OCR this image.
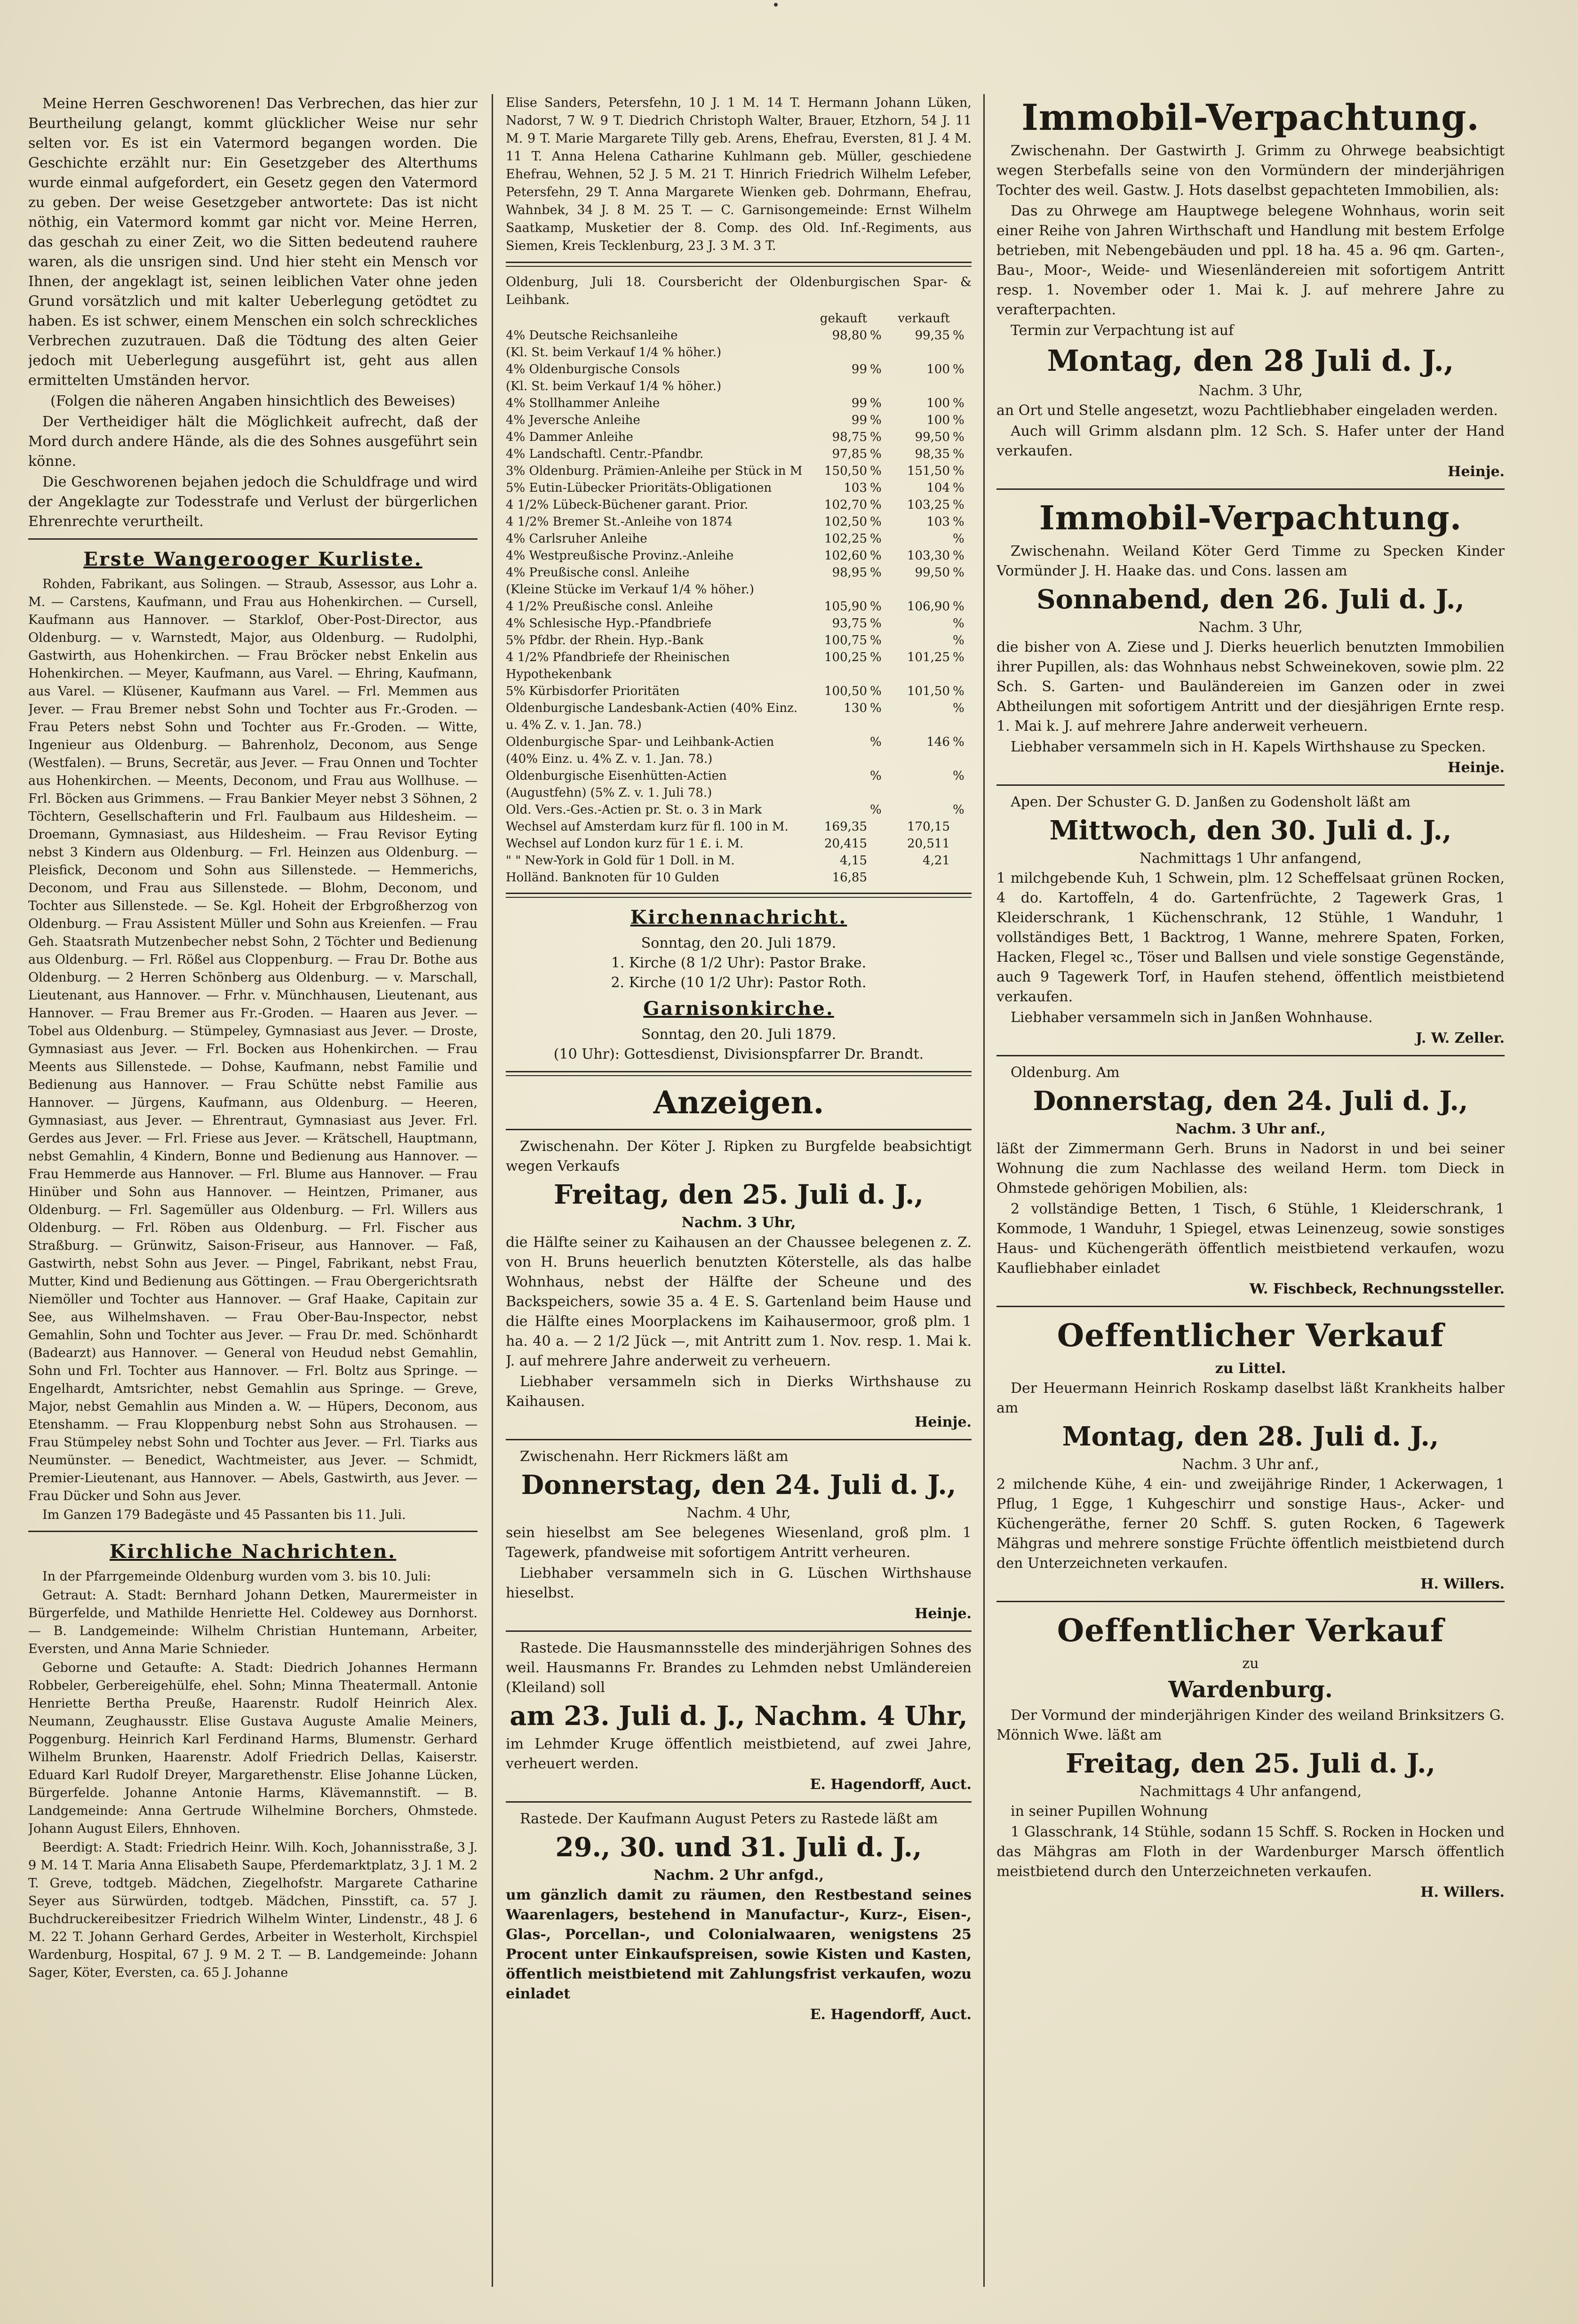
Meine Herren Geschworenen! Das Verbrechen, das hier zur Beurtheilung gelangt, kommt glücklicher Weise nur sehr selten vor. Es ist ein Vatermord begangen worden. Die Geschichte erzählt nur: Ein Gesetzgeber des Alterthums wurde einmal aufgefordert, ein Gesetz gegen den Vatermord zu geben. Der weise Gesetzgeber antwortete: Das ist nicht nöthig, ein Vatermord kommt gar nicht vor. Meine Herren, das geschah zu einer Zeit, wo die Sitten bedeutend rauhere waren, als die unsrigen sind. Und hier steht ein Mensch vor Ihnen, der angeklagt ist, seinen leiblichen Vater ohne jeden Grund vorsätzlich und mit kalter Ueberlegung getödtet zu haben. Es ist schwer, einem Menschen ein solch schreckliches Verbrechen zuzutrauen. Daß die Tödtung des alten Geier jedoch mit Ueberlegung ausgeführt ist, geht aus allen ermittelten Umständen hervor.

(Folgen die näheren Angaben hinsichtlich des Beweises)

Der Vertheidiger hält die Möglichkeit aufrecht, daß der Mord durch andere Hände, als die des Sohnes ausgeführt sein könne.

Die Geschworenen bejahen jedoch die Schuldfrage und wird der Angeklagte zur Todesstrafe und Verlust der bürgerlichen Ehrenrechte verurtheilt.

Erste Wangerooger Kurliste.

Rohden, Fabrikant, aus Solingen. — Straub, Assessor, aus Lohr a. M. — Carstens, Kaufmann, und Frau aus Hohenkirchen. — Cursell, Kaufmann aus Hannover. — Starklof, Ober-Post-Director, aus Oldenburg. — v. Warnstedt, Major, aus Oldenburg. — Rudolphi, Gastwirth, aus Hohenkirchen. — Frau Bröcker nebst Enkelin aus Hohenkirchen. — Meyer, Kaufmann, aus Varel. — Ehring, Kaufmann, aus Varel. — Klüsener, Kaufmann aus Varel. — Frl. Memmen aus Jever. — Frau Bremer nebst Sohn und Tochter aus Fr.-Groden. — Frau Peters nebst Sohn und Tochter aus Fr.-Groden. — Witte, Ingenieur aus Oldenburg. — Bahrenholz, Deconom, aus Senge (Westfalen). — Bruns, Secretär, aus Jever. — Frau Onnen und Tochter aus Hohenkirchen. — Meents, Deconom, und Frau aus Wollhuse. — Frl. Böcken aus Grimmens. — Frau Bankier Meyer nebst 3 Söhnen, 2 Töchtern, Gesellschafterin und Frl. Faulbaum aus Hildesheim. — Droemann, Gymnasiast, aus Hildesheim. — Frau Revisor Eyting nebst 3 Kindern aus Oldenburg. — Frl. Heinzen aus Oldenburg. — Pleisfick, Deconom und Sohn aus Sillenstede. — Hemmerichs, Deconom, und Frau aus Sillenstede. — Blohm, Deconom, und Tochter aus Sillenstede. — Se. Kgl. Hoheit der Erbgroßherzog von Oldenburg. — Frau Assistent Müller und Sohn aus Kreienfen. — Frau Geh. Staatsrath Mutzenbecher nebst Sohn, 2 Töchter und Bedienung aus Oldenburg. — Frl. Rößel aus Cloppenburg. — Frau Dr. Bothe aus Oldenburg. — 2 Herren Schönberg aus Oldenburg. — v. Marschall, Lieutenant, aus Hannover. — Frhr. v. Münchhausen, Lieutenant, aus Hannover. — Frau Bremer aus Fr.-Groden. — Haaren aus Jever. — Tobel aus Oldenburg. — Stümpeley, Gymnasiast aus Jever. — Droste, Gymnasiast aus Jever. — Frl. Bocken aus Hohenkirchen. — Frau Meents aus Sillenstede. — Dohse, Kaufmann, nebst Familie und Bedienung aus Hannover. — Frau Schütte nebst Familie aus Hannover. — Jürgens, Kaufmann, aus Oldenburg. — Heeren, Gymnasiast, aus Jever. — Ehrentraut, Gymnasiast aus Jever. Frl. Gerdes aus Jever. — Frl. Friese aus Jever. — Krätschell, Hauptmann, nebst Gemahlin, 4 Kindern, Bonne und Bedienung aus Hannover. — Frau Hemmerde aus Hannover. — Frl. Blume aus Hannover. — Frau Hinüber und Sohn aus Hannover. — Heintzen, Primaner, aus Oldenburg. — Frl. Sagemüller aus Oldenburg. — Frl. Willers aus Oldenburg. — Frl. Röben aus Oldenburg. — Frl. Fischer aus Straßburg. — Grünwitz, Saison-Friseur, aus Hannover. — Faß, Gastwirth, nebst Sohn aus Jever. — Pingel, Fabrikant, nebst Frau, Mutter, Kind und Bedienung aus Göttingen. — Frau Obergerichtsrath Niemöller und Tochter aus Hannover. — Graf Haake, Capitain zur See, aus Wilhelmshaven. — Frau Ober-Bau-Inspector, nebst Gemahlin, Sohn und Tochter aus Jever. — Frau Dr. med. Schönhardt (Badearzt) aus Hannover. — General von Heudud nebst Gemahlin, Sohn und Frl. Tochter aus Hannover. — Frl. Boltz aus Springe. — Engelhardt, Amtsrichter, nebst Gemahlin aus Springe. — Greve, Major, nebst Gemahlin aus Minden a. W. — Hüpers, Deconom, aus Etenshamm. — Frau Kloppenburg nebst Sohn aus Strohausen. — Frau Stümpeley nebst Sohn und Tochter aus Jever. — Frl. Tiarks aus Neumünster. — Benedict, Wachtmeister, aus Jever. — Schmidt, Premier-Lieutenant, aus Hannover. — Abels, Gastwirth, aus Jever. — Frau Dücker und Sohn aus Jever.

Im Ganzen 179 Badegäste und 45 Passanten bis 11. Juli.

Kirchliche Nachrichten.

In der Pfarrgemeinde Oldenburg wurden vom 3. bis 10. Juli:

Getraut: A. Stadt: Bernhard Johann Detken, Maurermeister in Bürgerfelde, und Mathilde Henriette Hel. Coldewey aus Dornhorst. — B. Landgemeinde: Wilhelm Christian Huntemann, Arbeiter, Eversten, und Anna Marie Schnieder.

Geborne und Getaufte: A. Stadt: Diedrich Johannes Hermann Robbeler, Gerbereigehülfe, ehel. Sohn; Minna Theatermall. Antonie Henriette Bertha Preuße, Haarenstr. Rudolf Heinrich Alex. Neumann, Zeughausstr. Elise Gustava Auguste Amalie Meiners, Poggenburg. Heinrich Karl Ferdinand Harms, Blumenstr. Gerhard Wilhelm Brunken, Haarenstr. Adolf Friedrich Dellas, Kaiserstr. Eduard Karl Rudolf Dreyer, Margarethenstr. Elise Johanne Lücken, Bürgerfelde. Johanne Antonie Harms, Klävemannstift. — B. Landgemeinde: Anna Gertrude Wilhelmine Borchers, Ohmstede. Johann August Eilers, Ehnhoven.

Beerdigt: A. Stadt: Friedrich Heinr. Wilh. Koch, Johannisstraße, 3 J. 9 M. 14 T. Maria Anna Elisabeth Saupe, Pferdemarktplatz, 3 J. 1 M. 2 T. Greve, todtgeb. Mädchen, Ziegelhofstr. Margarete Catharine Seyer aus Sürwürden, todtgeb. Mädchen, Pinsstift, ca. 57 J. Buchdruckereibesitzer Friedrich Wilhelm Winter, Lindenstr., 48 J. 6 M. 22 T. Johann Gerhard Gerdes, Arbeiter in Westerholt, Kirchspiel Wardenburg, Hospital, 67 J. 9 M. 2 T. — B. Landgemeinde: Johann Sager, Köter, Eversten, ca. 65 J. Johanne

Elise Sanders, Petersfehn, 10 J. 1 M. 14 T. Hermann Johann Lüken, Nadorst, 7 W. 9 T. Diedrich Christoph Walter, Brauer, Etzhorn, 54 J. 11 M. 9 T. Marie Margarete Tilly geb. Arens, Ehefrau, Eversten, 81 J. 4 M. 11 T. Anna Helena Catharine Kuhlmann geb. Müller, geschiedene Ehefrau, Wehnen, 52 J. 5 M. 21 T. Hinrich Friedrich Wilhelm Lefeber, Petersfehn, 29 T. Anna Margarete Wienken geb. Dohrmann, Ehefrau, Wahnbek, 34 J. 8 M. 25 T. — C. Garnisongemeinde: Ernst Wilhelm Saatkamp, Musketier der 8. Comp. des Old. Inf.-Regiments, aus Siemen, Kreis Tecklenburg, 23 J. 3 M. 3 T.

Oldenburg, Juli 18. Coursbericht der Oldenburgischen Spar- & Leihbank.

	gekauft		verkauft	
4% Deutsche Reichsanleihe	98,80	%	99,35	%
(Kl. St. beim Verkauf 1/4 % höher.)				
4% Oldenburgische Consols	99	%	100	%
(Kl. St. beim Verkauf 1/4 % höher.)				
4% Stollhammer Anleihe	99	%	100	%
4% Jeversche Anleihe	99	%	100	%
4% Dammer Anleihe	98,75	%	99,50	%
4% Landschaftl. Centr.-Pfandbr.	97,85	%	98,35	%
3% Oldenburg. Prämien-Anleihe per Stück in M	150,50	%	151,50	%
5% Eutin-Lübecker Prioritäts-Obligationen	103	%	104	%
4 1/2% Lübeck-Büchener garant. Prior.	102,70	%	103,25	%
4 1/2% Bremer St.-Anleihe von 1874	102,50	%	103	%
4% Carlsruher Anleihe	102,25	%		%
4% Westpreußische Provinz.-Anleihe	102,60	%	103,30	%
4% Preußische consl. Anleihe	98,95	%	99,50	%
(Kleine Stücke im Verkauf 1/4 % höher.)				
4 1/2% Preußische consl. Anleihe	105,90	%	106,90	%
4% Schlesische Hyp.-Pfandbriefe	93,75	%		%
5% Pfdbr. der Rhein. Hyp.-Bank	100,75	%		%
4 1/2% Pfandbriefe der Rheinischen Hypothekenbank	100,25	%	101,25	%
5% Kürbisdorfer Prioritäten	100,50	%	101,50	%
Oldenburgische Landesbank-Actien (40% Einz. u. 4% Z. v. 1. Jan. 78.)	130	%		%
Oldenburgische Spar- und Leihbank-Actien (40% Einz. u. 4% Z. v. 1. Jan. 78.)		%	146	%
Oldenburgische Eisenhütten-Actien (Augustfehn) (5% Z. v. 1. Juli 78.)		%		%
Old. Vers.-Ges.-Actien pr. St. o. 3 in Mark		%		%
Wechsel auf Amsterdam kurz für fl. 100 in M.	169,35		170,15	
Wechsel auf London kurz für 1 £. i. M.	20,415		20,511	
" " New-York in Gold für 1 Doll. in M.	4,15		4,21	
Holländ. Banknoten für 10 Gulden	16,85			
Kirchennachricht.
Sonntag, den 20. Juli 1879.
1. Kirche (8 1/2 Uhr): Pastor Brake.
2. Kirche (10 1/2 Uhr): Pastor Roth.
Garnisonkirche.
Sonntag, den 20. Juli 1879.
(10 Uhr): Gottesdienst, Divisionspfarrer Dr. Brandt.
Anzeigen.

Zwischenahn. Der Köter J. Ripken zu Burgfelde beabsichtigt wegen Verkaufs

Freitag, den 25. Juli d. J.,
Nachm. 3 Uhr,

die Hälfte seiner zu Kaihausen an der Chaussee belegenen z. Z. von H. Bruns heuerlich benutzten Köterstelle, als das halbe Wohnhaus, nebst der Hälfte der Scheune und des Backspeichers, sowie 35 a. 4 E. S. Gartenland beim Hause und die Hälfte eines Moorplackens im Kaihausermoor, groß plm. 1 ha. 40 a. — 2 1/2 Jück —, mit Antritt zum 1. Nov. resp. 1. Mai k. J. auf mehrere Jahre anderweit zu verheuern.

Liebhaber versammeln sich in Dierks Wirthshause zu Kaihausen.

Heinje.

Zwischenahn. Herr Rickmers läßt am

Donnerstag, den 24. Juli d. J.,
Nachm. 4 Uhr,

sein hieselbst am See belegenes Wiesenland, groß plm. 1 Tagewerk, pfandweise mit sofortigem Antritt verheuren.

Liebhaber versammeln sich in G. Lüschen Wirthshause hieselbst.

Heinje.

Rastede. Die Hausmannsstelle des minderjährigen Sohnes des weil. Hausmanns Fr. Brandes zu Lehmden nebst Umländereien (Kleiland) soll

am 23. Juli d. J., Nachm. 4 Uhr,

im Lehmder Kruge öffentlich meistbietend, auf zwei Jahre, verheuert werden.

E. Hagendorff, Auct.

Rastede. Der Kaufmann August Peters zu Rastede läßt am

29., 30. und 31. Juli d. J.,
Nachm. 2 Uhr anfgd.,

um gänzlich damit zu räumen, den Restbestand seines Waarenlagers, bestehend in Manufactur-, Kurz-, Eisen-, Glas-, Porcellan-, und Colonialwaaren, wenigstens 25 Procent unter Einkaufspreisen, sowie Kisten und Kasten, öffentlich meistbietend mit Zahlungsfrist verkaufen, wozu einladet

E. Hagendorff, Auct.
Immobil-Verpachtung.

Zwischenahn. Der Gastwirth J. Grimm zu Ohrwege beabsichtigt wegen Sterbefalls seine von den Vormündern der minderjährigen Tochter des weil. Gastw. J. Hots daselbst gepachteten Immobilien, als:

Das zu Ohrwege am Hauptwege belegene Wohnhaus, worin seit einer Reihe von Jahren Wirthschaft und Handlung mit bestem Erfolge betrieben, mit Nebengebäuden und ppl. 18 ha. 45 a. 96 qm. Garten-, Bau-, Moor-, Weide- und Wiesenländereien mit sofortigem Antritt resp. 1. November oder 1. Mai k. J. auf mehrere Jahre zu verafterpachten.

Termin zur Verpachtung ist auf

Montag, den 28 Juli d. J.,
Nachm. 3 Uhr,

an Ort und Stelle angesetzt, wozu Pachtliebhaber eingeladen werden.

Auch will Grimm alsdann plm. 12 Sch. S. Hafer unter der Hand verkaufen.

Heinje.
Immobil-Verpachtung.

Zwischenahn. Weiland Köter Gerd Timme zu Specken Kinder Vormünder J. H. Haake das. und Cons. lassen am

Sonnabend, den 26. Juli d. J.,
Nachm. 3 Uhr,

die bisher von A. Ziese und J. Dierks heuerlich benutzten Immobilien ihrer Pupillen, als: das Wohnhaus nebst Schweinekoven, sowie plm. 22 Sch. S. Garten- und Bauländereien im Ganzen oder in zwei Abtheilungen mit sofortigem Antritt und der diesjährigen Ernte resp. 1. Mai k. J. auf mehrere Jahre anderweit verheuern.

Liebhaber versammeln sich in H. Kapels Wirthshause zu Specken.

Heinje.

Apen. Der Schuster G. D. Janßen zu Godensholt läßt am

Mittwoch, den 30. Juli d. J.,
Nachmittags 1 Uhr anfangend,

1 milchgebende Kuh, 1 Schwein, plm. 12 Scheffelsaat grünen Rocken, 4 do. Kartoffeln, 4 do. Gartenfrüchte, 2 Tagewerk Gras, 1 Kleiderschrank, 1 Küchenschrank, 12 Stühle, 1 Wanduhr, 1 vollständiges Bett, 1 Backtrog, 1 Wanne, mehrere Spaten, Forken, Hacken, Flegel ꝛc., Töser und Ballsen und viele sonstige Gegenstände, auch 9 Tagewerk Torf, in Haufen stehend, öffentlich meistbietend verkaufen.

Liebhaber versammeln sich in Janßen Wohnhause.

J. W. Zeller.

Oldenburg. Am

Donnerstag, den 24. Juli d. J.,
Nachm. 3 Uhr anf.,

läßt der Zimmermann Gerh. Bruns in Nadorst in und bei seiner Wohnung die zum Nachlasse des weiland Herm. tom Dieck in Ohmstede gehörigen Mobilien, als:

2 vollständige Betten, 1 Tisch, 6 Stühle, 1 Kleiderschrank, 1 Kommode, 1 Wanduhr, 1 Spiegel, etwas Leinenzeug, sowie sonstiges Haus- und Küchengeräth öffentlich meistbietend verkaufen, wozu Kaufliebhaber einladet

W. Fischbeck, Rechnungssteller.
Oeffentlicher Verkauf
zu Littel.

Der Heuermann Heinrich Roskamp daselbst läßt Krankheits halber am

Montag, den 28. Juli d. J.,
Nachm. 3 Uhr anf.,

2 milchende Kühe, 4 ein- und zweijährige Rinder, 1 Ackerwagen, 1 Pflug, 1 Egge, 1 Kuhgeschirr und sonstige Haus-, Acker- und Küchengeräthe, ferner 20 Schff. S. guten Rocken, 6 Tagewerk Mähgras und mehrere sonstige Früchte öffentlich meistbietend durch den Unterzeichneten verkaufen.

H. Willers.
Oeffentlicher Verkauf
zu
Wardenburg.

Der Vormund der minderjährigen Kinder des weiland Brinksitzers G. Mönnich Wwe. läßt am

Freitag, den 25. Juli d. J.,
Nachmittags 4 Uhr anfangend,

in seiner Pupillen Wohnung

1 Glasschrank, 14 Stühle, sodann 15 Schff. S. Rocken in Hocken und das Mähgras am Floth in der Wardenburger Marsch öffentlich meistbietend durch den Unterzeichneten verkaufen.

H. Willers.
